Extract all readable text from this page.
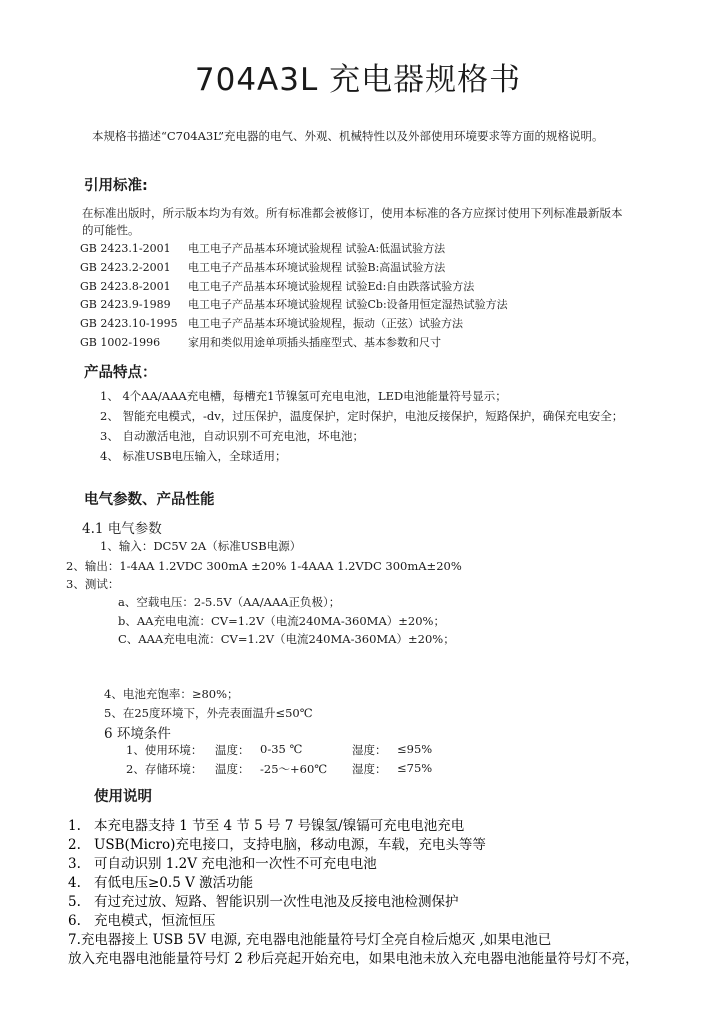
704A3L 充电器规格书
本规格书描述“C704A3L”充电器的电气、外观、机械特性以及外部使用环境要求等方面的规格说明。
引用标准:
在标准出版时，所示版本均为有效。所有标准都会被修订，使用本标准的各方应探讨使用下列标准最新版本
的可能性。
GB 2423.1-2001 电工电子产品基本环境试验规程 试验A:低温试验方法
GB 2423.2-2001 电工电子产品基本环境试验规程 试验B:高温试验方法
GB 2423.8-2001 电工电子产品基本环境试验规程 试验Ed:自由跌落试验方法
GB 2423.9-1989 电工电子产品基本环境试验规程 试验Cb:设备用恒定湿热试验方法
GB 2423.10-1995 电工电子产品基本环境试验规程，振动（正弦）试验方法
GB 1002-1996	家用和类似用途单项插头插座型式、基本参数和尺寸
产品特点：
1、 4个AA/AAA充电槽，每槽充1节镍氢可充电电池，LED电池能量符号显示；
2、 智能充电模式，-dv，过压保护，温度保护，定时保护，电池反接保护，短路保护，确保充电安全；
3、 自动激活电池，自动识别不可充电池，坏电池；
4、 标准USB电压输入，全球适用；
电气参数、产品性能
4.1 电气参数
1、输入：DC5V 2A（标准USB电源）
2、输出：1-4AA 1.2VDC 300mA ±20% 1-4AAA 1.2VDC 300mA±20%
3、测试：
a、空载电压：2-5.5V（AA/AAA正负极）；
b、AA充电电流：CV=1.2V（电流240MA-360MA）±20%；
C、AAA充电电流：CV=1.2V（电流240MA-360MA）±20%；
4、电池充饱率：≥80%；
5、在25度环境下，外壳表面温升≤50℃
6 环境条件
1、使用环境： 温度： 0-35 ℃	湿度： ≤95%
2、存储环境： 温度： -25～+60℃ 湿度： ≤75%
使用说明
1. 本充电器支持 1 节至 4 节 5 号 7 号镍氢/镍镉可充电电池充电
2. USB(Micro)充电接口，支持电脑，移动电源，车载，充电头等等
3. 可自动识别 1.2V 充电池和一次性不可充电电池
4. 有低电压≥0.5 V 激活功能
5. 有过充过放、短路、智能识别一次性电池及反接电池检测保护
6. 充电模式，恒流恒压
7.充电器接上 USB 5V 电源, 充电器电池能量符号灯全亮自检后熄灭 ,如果电池已
放入充电器电池能量符号灯 2 秒后亮起开始充电，如果电池未放入充电器电池能量符号灯不亮，
